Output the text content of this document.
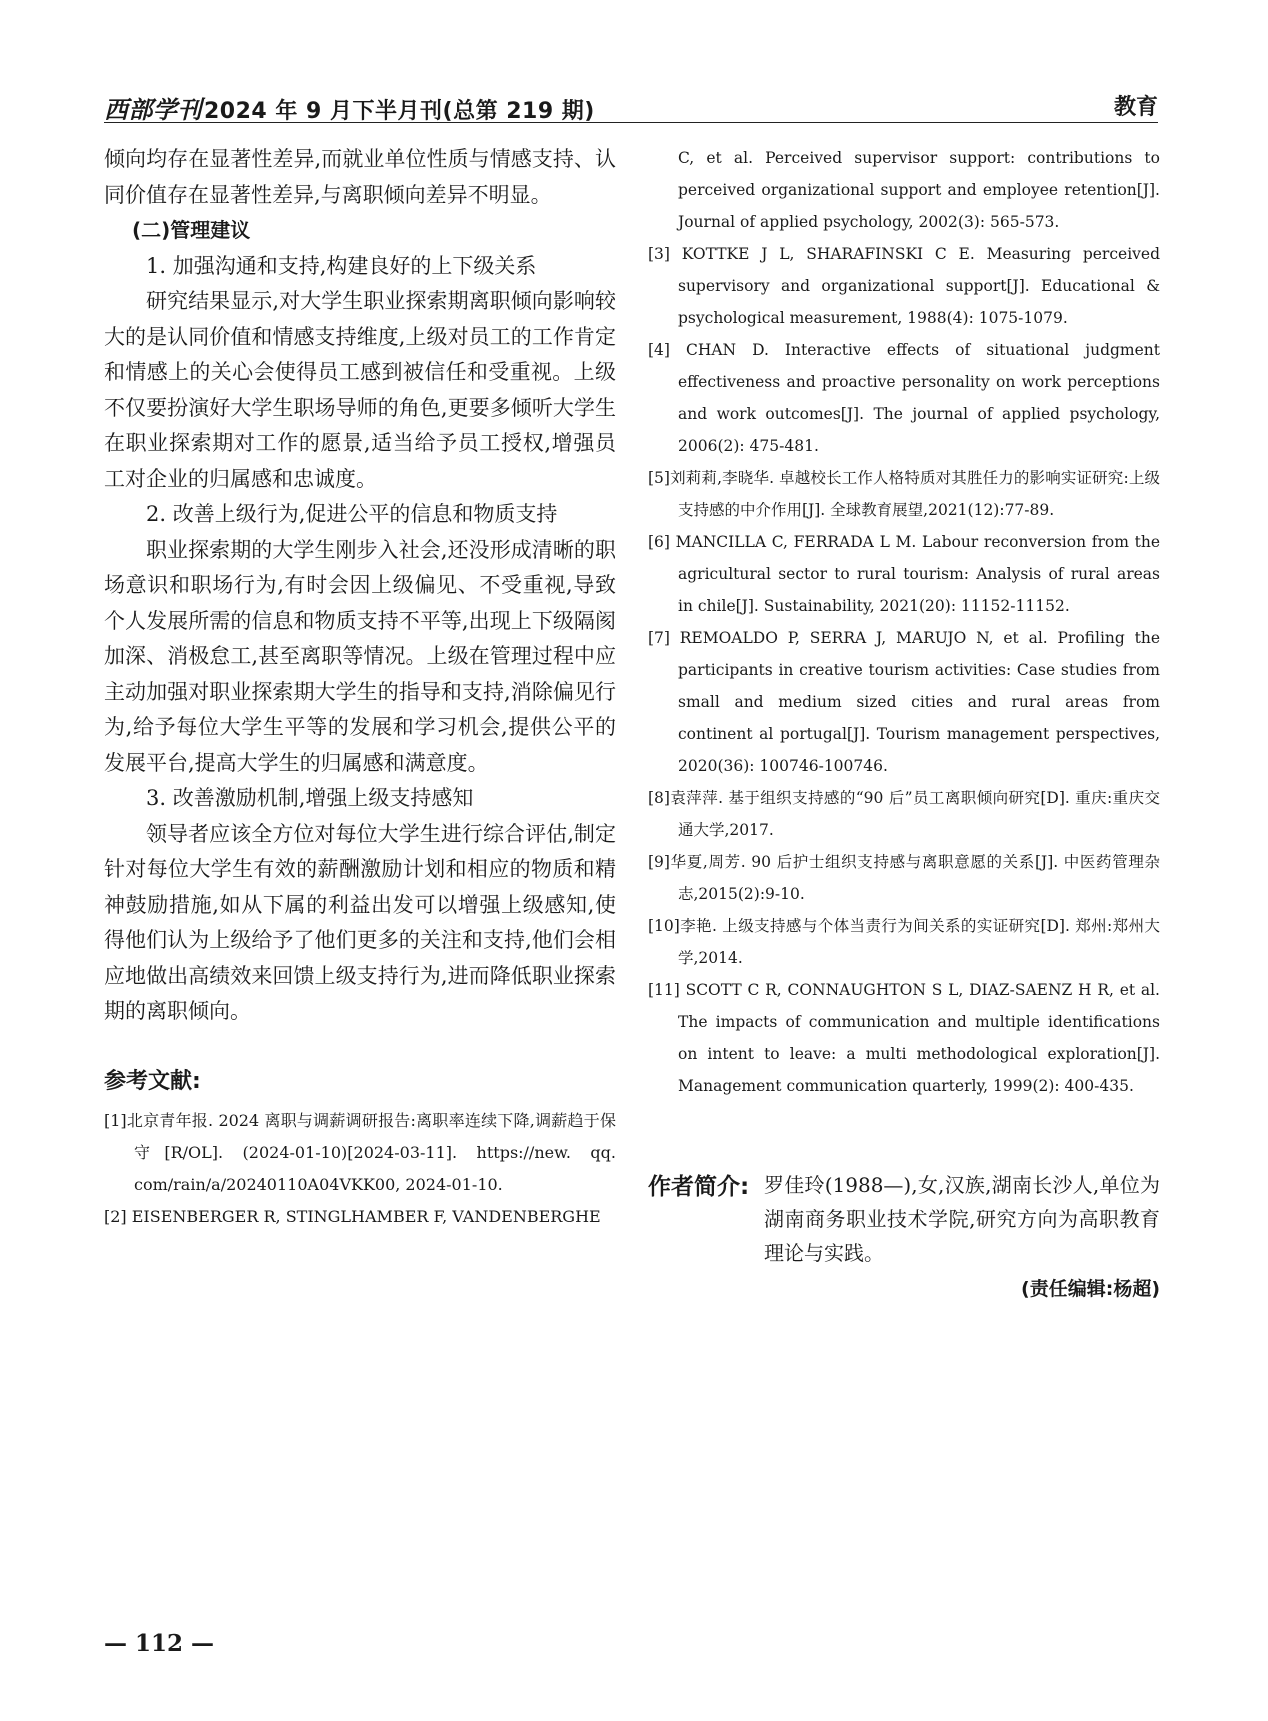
西部学刊2024 年 9 月下半月刊(总第 219 期)	教育

倾向均存在显著性差异,而就业单位性质与情感支持、认同价值存在显著性差异,与离职倾向差异不明显。

(二)管理建议

1. 加强沟通和支持,构建良好的上下级关系

研究结果显示,对大学生职业探索期离职倾向影响较大的是认同价值和情感支持维度,上级对员工的工作肯定和情感上的关心会使得员工感到被信任和受重视。上级不仅要扮演好大学生职场导师的角色,更要多倾听大学生在职业探索期对工作的愿景,适当给予员工授权,增强员工对企业的归属感和忠诚度。

2. 改善上级行为,促进公平的信息和物质支持

职业探索期的大学生刚步入社会,还没形成清晰的职场意识和职场行为,有时会因上级偏见、不受重视,导致个人发展所需的信息和物质支持不平等,出现上下级隔阂加深、消极怠工,甚至离职等情况。上级在管理过程中应主动加强对职业探索期大学生的指导和支持,消除偏见行为,给予每位大学生平等的发展和学习机会,提供公平的发展平台,提高大学生的归属感和满意度。

3. 改善激励机制,增强上级支持感知

领导者应该全方位对每位大学生进行综合评估,制定针对每位大学生有效的薪酬激励计划和相应的物质和精神鼓励措施,如从下属的利益出发可以增强上级感知,使得他们认为上级给予了他们更多的关注和支持,他们会相应地做出高绩效来回馈上级支持行为,进而降低职业探索期的离职倾向。

参考文献:

[1]北京青年报. 2024 离职与调薪调研报告:离职率连续下降,调薪趋于保守[R/OL]. (2024-01-10)[2024-03-11]. https://new. qq. com/rain/a/20240110A04VKK00, 2024-01-10.

[2] EISENBERGER R, STINGLHAMBER F, VANDENBERGHE

C, et al. Perceived supervisor support: contributions to perceived organizational support and employee retention[J]. Journal of applied psychology, 2002(3): 565-573.

[3] KOTTKE J L, SHARAFINSKI C E. Measuring perceived supervisory and organizational support[J]. Educational & psychological measurement, 1988(4): 1075-1079.

[4] CHAN D. Interactive effects of situational judgment effectiveness and proactive personality on work perceptions and work outcomes[J]. The journal of applied psychology, 2006(2): 475-481.

[5]刘莉莉,李晓华. 卓越校长工作人格特质对其胜任力的影响实证研究:上级支持感的中介作用[J]. 全球教育展望,2021(12):77-89.

[6] MANCILLA C, FERRADA L M. Labour reconversion from the agricultural sector to rural tourism: Analysis of rural areas in chile[J]. Sustainability, 2021(20): 11152-11152.

[7] REMOALDO P, SERRA J, MARUJO N, et al. Profiling the participants in creative tourism activities: Case studies from small and medium sized cities and rural areas from continent al portugal[J]. Tourism management perspectives, 2020(36): 100746-100746.

[8]袁萍萍. 基于组织支持感的“90 后”员工离职倾向研究[D]. 重庆:重庆交通大学,2017.

[9]华夏,周芳. 90 后护士组织支持感与离职意愿的关系[J]. 中医药管理杂志,2015(2):9-10.

[10]李艳. 上级支持感与个体当责行为间关系的实证研究[D]. 郑州:郑州大学,2014.

[11] SCOTT C R, CONNAUGHTON S L, DIAZ-SAENZ H R, et al. The impacts of communication and multiple identifications on intent to leave: a multi methodological exploration[J]. Management communication quarterly, 1999(2): 400-435.

作者简介: 罗佳玲(1988—),女,汉族,湖南长沙人,单位为湖南商务职业技术学院,研究方向为高职教育理论与实践。
(责任编辑:杨超)
— 112 —
